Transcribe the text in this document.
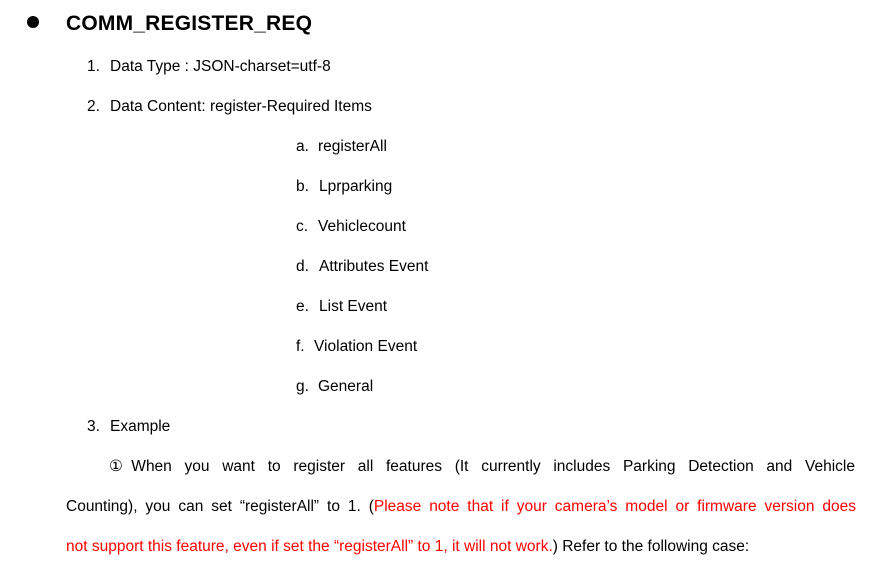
COMM_REGISTER_REQ
1. Data Type : JSON-charset=utf-8
2. Data Content: register-Required Items
a. registerAll
b. Lprparking
c. Vehiclecount
d. Attributes Event
e. List Event
f. Violation Event
g. General
3. Example
①When you want to register all features (It currently includes Parking Detection and Vehicle
Counting), you can set “registerAll” to 1. (Please note that if your camera’s model or firmware version does
not support this feature, even if set the “registerAll” to 1, it will not work.) Refer to the following case:
